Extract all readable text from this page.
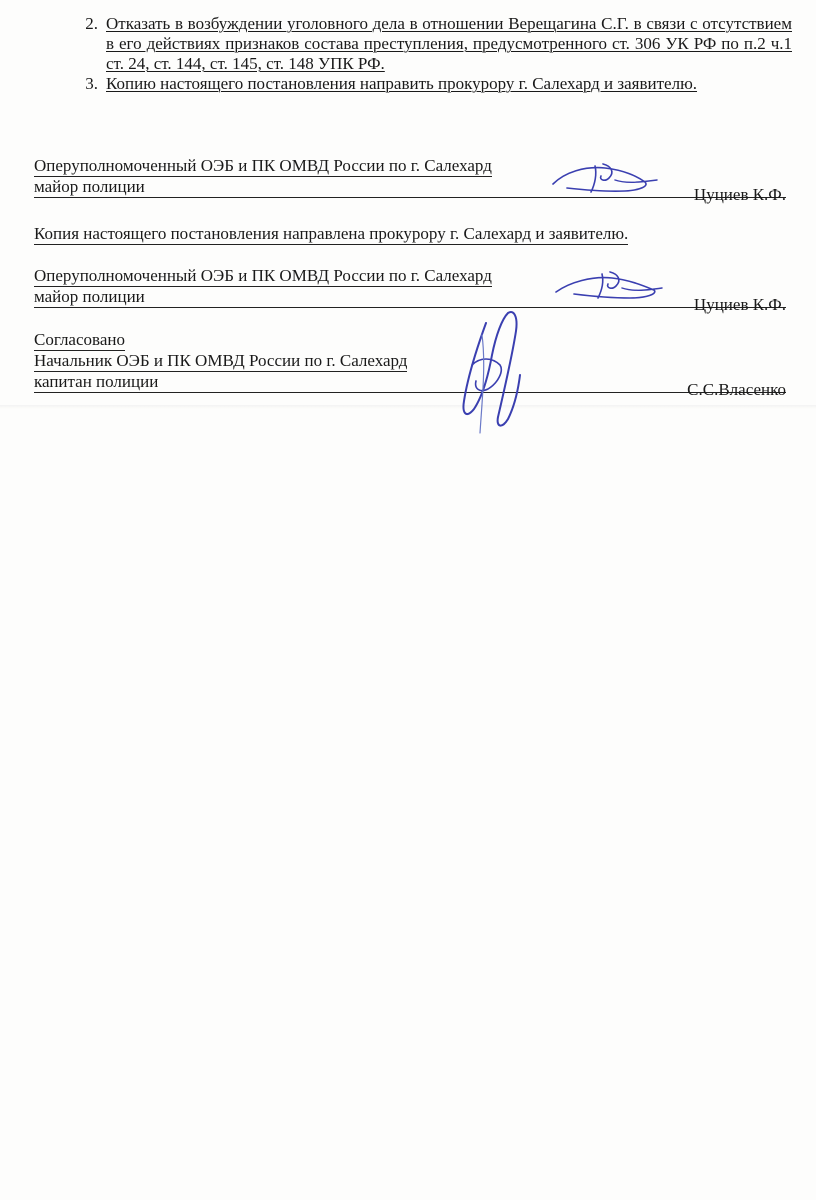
2. Отказать в возбуждении уголовного дела в отношении Верещагина С.Г. в связи с отсутствием в его действиях признаков состава преступления, предусмотренного ст. 306 УК РФ по п.2 ч.1 ст. 24, ст. 144, ст. 145, ст. 148 УПК РФ.
3. Копию настоящего постановления направить прокурору г. Салехард и заявителю.
Оперуполномоченный ОЭБ и ПК ОМВД России по г. Салехард
майор полиции	Цуциев К.Ф.
Копия настоящего постановления направлена прокурору г. Салехард и заявителю.
Оперуполномоченный ОЭБ и ПК ОМВД России по г. Салехард
майор полиции	Цуциев К.Ф.
Согласовано
Начальник ОЭБ и ПК ОМВД России по г. Салехард
капитан полиции	С.С.Власенко
